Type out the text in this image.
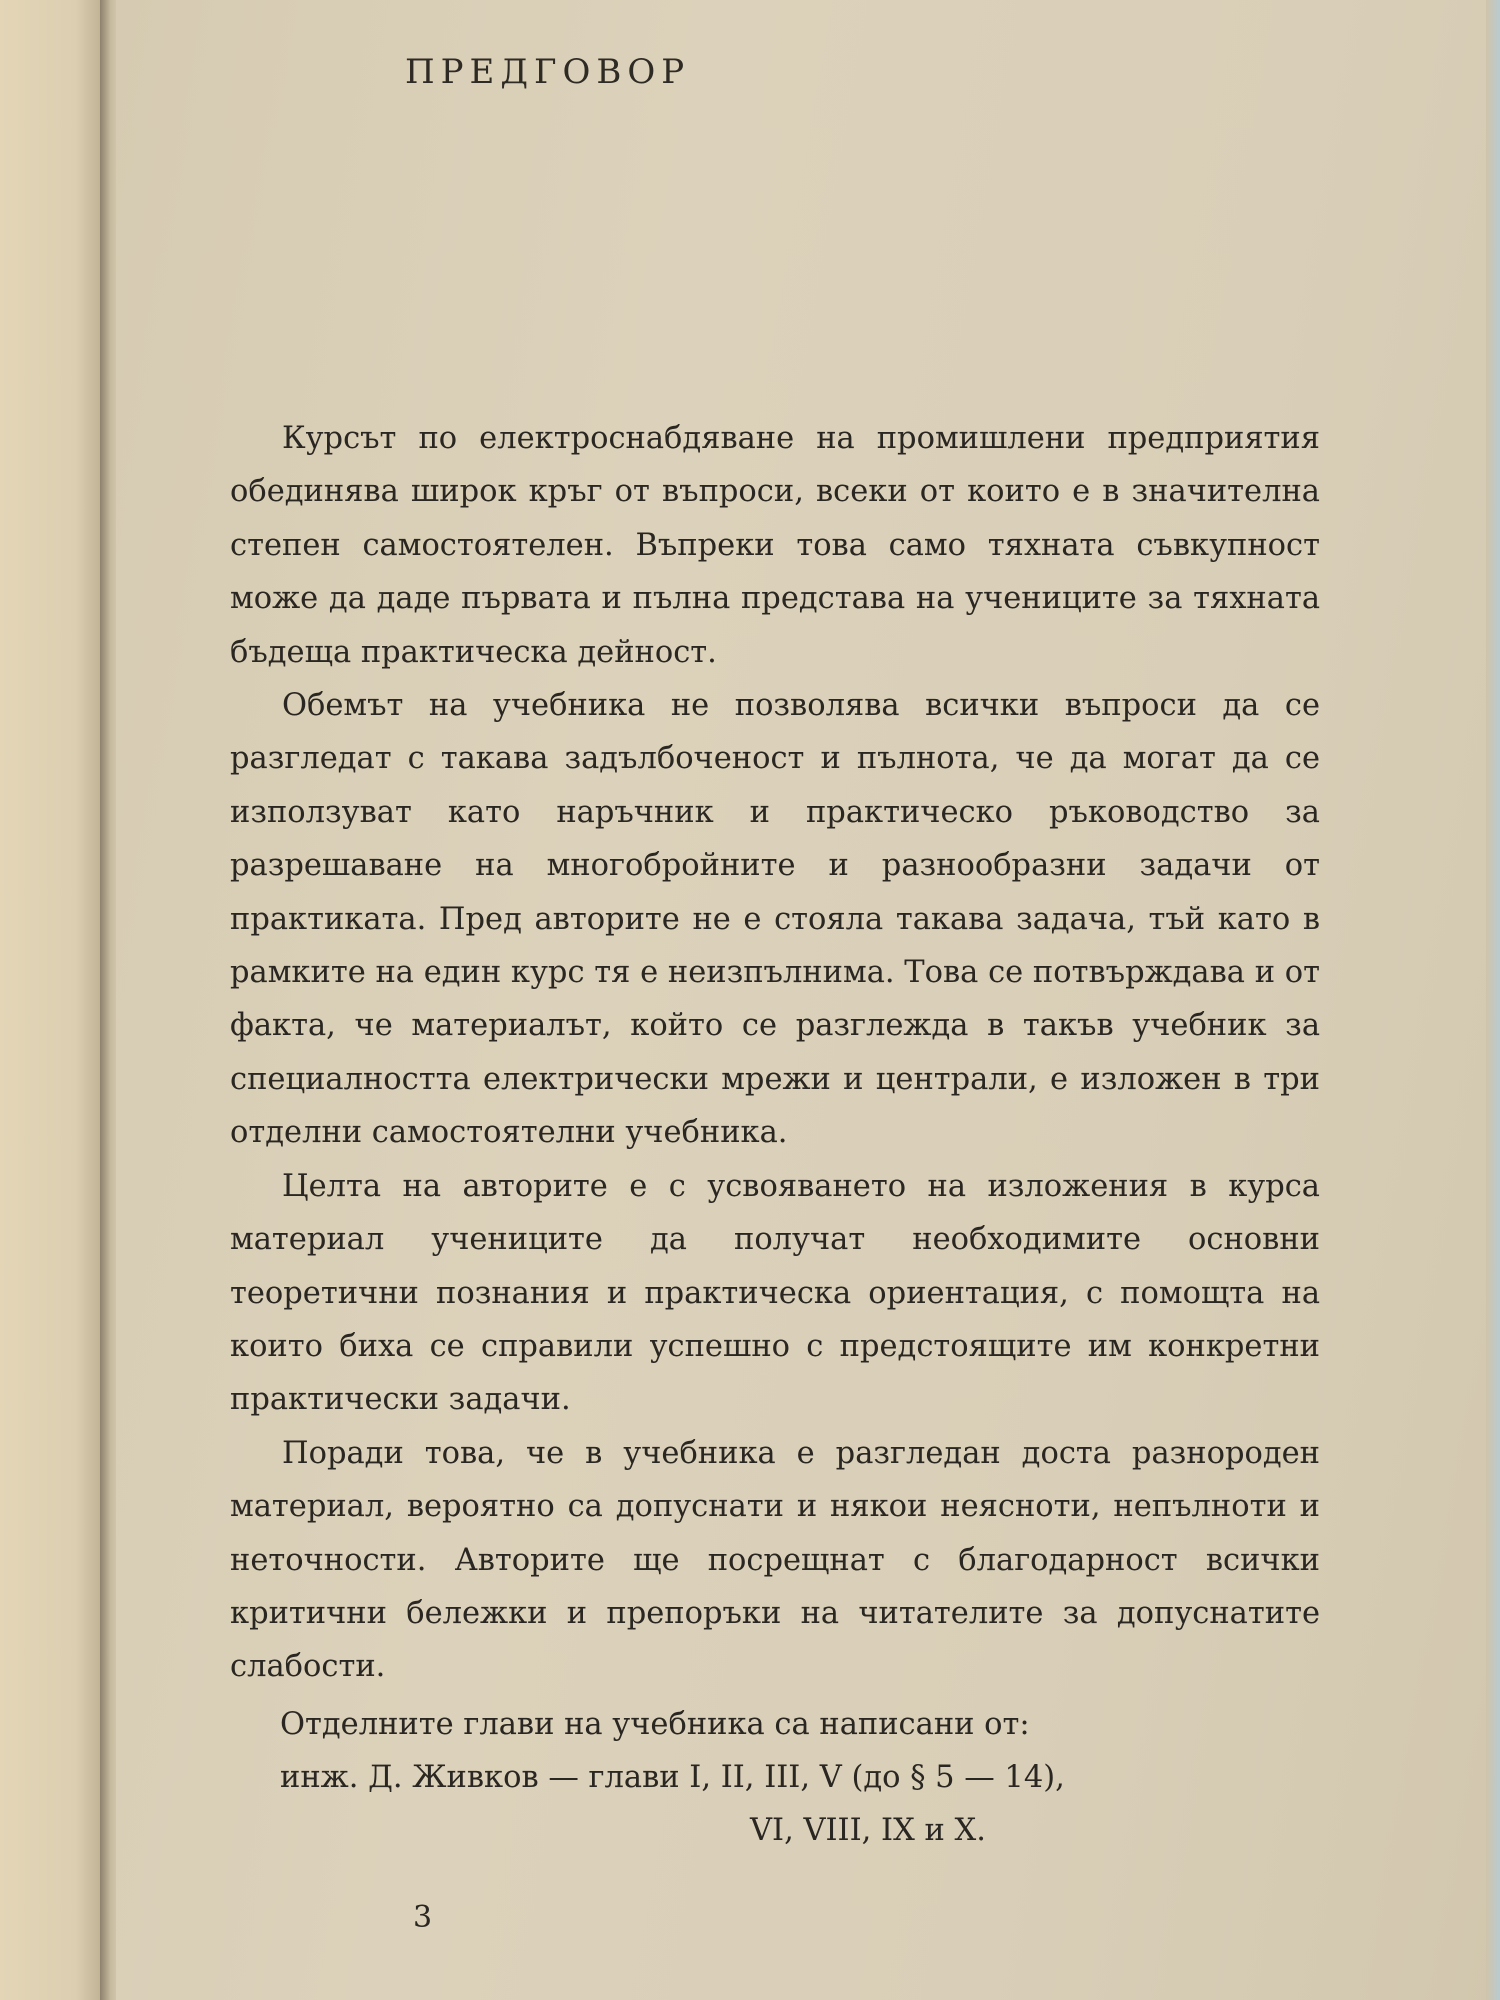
ПРЕДГОВОР

Курсът по електроснабдяване на промишлени предприятия обединява широк кръг от въпроси, всеки от които е в значителна степен самостоятелен. Въпреки това само тяхната съвкупност може да даде първата и пълна представа на учениците за тяхната бъдеща практическа дейност.

Обемът на учебника не позволява всички въпроси да се разгледат с такава задълбоченост и пълнота, че да могат да се използуват като наръчник и практическо ръководство за разрешаване на многобройните и разнообразни задачи от практиката. Пред авторите не е стояла такава задача, тъй като в рамките на един курс тя е неизпълнима. Това се потвърждава и от факта, че материалът, който се разглежда в такъв учебник за специалността електрически мрежи и централи, е изложен в три отделни самостоятелни учебника.

Целта на авторите е с усвояването на изложения в курса материал учениците да получат необходимите основни теоретични познания и практическа ориентация, с помощта на които биха се справили успешно с предстоящите им конкретни практически задачи.

Поради това, че в учебника е разгледан доста разнороден материал, вероятно са допуснати и някои неясноти, непълноти и неточности. Авторите ще посрещнат с благодарност всички критични бележки и препоръки на читателите за допуснатите слабости.

Отделните глави на учебника са написани от:
инж. Д. Живков — глави I, II, III, V (до § 5 — 14),
VI, VIII, IX и X.
3
